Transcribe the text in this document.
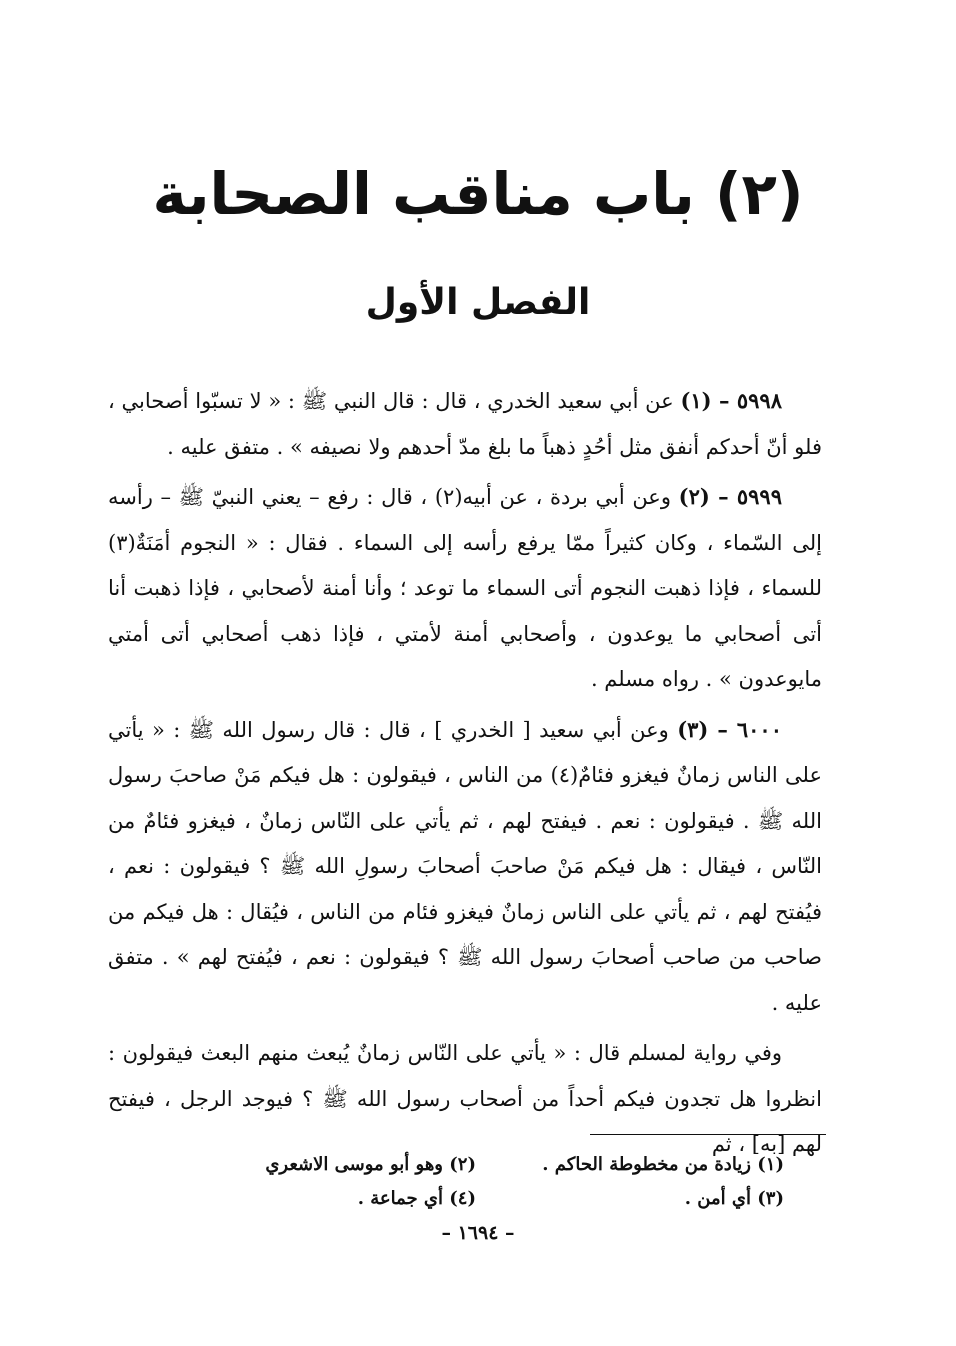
(٢) باب مناقب الصحابة
الفصل الأول

٥٩٩٨ – (١) عن أبي سعيد الخدري ، قال : قال النبي ﷺ : « لا تسبّوا أصحابي ، فلو أنّ أحدكم أنفق مثل أحُدٍ ذهباً ما بلغ مدّ أحدهم ولا نصيفه » . متفق عليه .

٥٩٩٩ – (٢) وعن أبي بردة ، عن أبيه(٢) ، قال : رفع – يعني النبيّ ﷺ – رأسه إلى السّماء ، وكان كثيراً ممّا يرفع رأسه إلى السماء . فقال : « النجوم أمَنَةٌ(٣) للسماء ، فإذا ذهبت النجوم أتى السماء ما توعد ؛ وأنا أمنة لأصحابي ، فإذا ذهبت أنا أتى أصحابي ما يوعدون ، وأصحابي أمنة لأمتي ، فإذا ذهب أصحابي أتى أمتي مايوعدون » . رواه مسلم .

٦٠٠٠ – (٣) وعن أبي سعيد [ الخدري ] ، قال : قال رسول الله ﷺ : « يأتي على الناس زمانٌ فيغزو فئامٌ(٤) من الناس ، فيقولون : هل فيكم مَنْ صاحبَ رسول الله ﷺ . فيقولون : نعم . فيفتح لهم ، ثم يأتي على النّاس زمانٌ ، فيغزو فئامٌ من النّاس ، فيقال : هل فيكم مَنْ صاحبَ أصحابَ رسولِ الله ﷺ ؟ فيقولون : نعم ، فيُفتح لهم ، ثم يأتي على الناس زمانٌ فيغزو فئام من الناس ، فيُقال : هل فيكم من صاحب من صاحب أصحابَ رسول الله ﷺ ؟ فيقولون : نعم ، فيُفتح لهم » . متفق عليه .

وفي رواية لمسلم قال : « يأتي على النّاس زمانٌ يُبعث منهم البعث فيقولون : انظروا هل تجدون فيكم أحداً من أصحاب رسول الله ﷺ ؟ فيوجد الرجل ، فيفتح لهم [به] ، ثم

(١) زيادة من مخطوطة الحاكم .
(٢) وهو أبو موسى الاشعري
(٣) أي أمن .
(٤) أي جماعة .
– ١٦٩٤ –
